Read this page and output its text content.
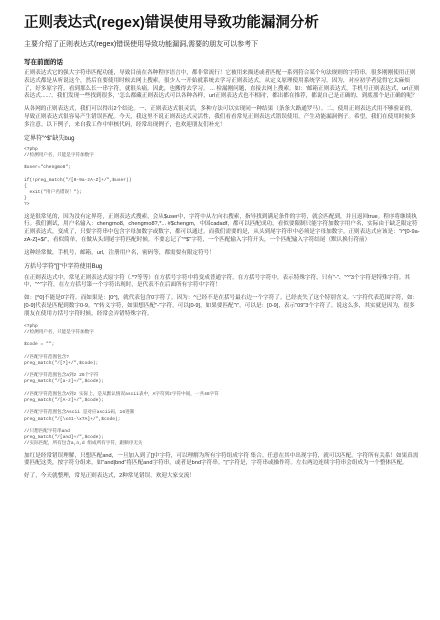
正则表达式(regex)错误使用导致功能漏洞分析
主要介绍了正则表达式(regex)错误使用导致功能漏洞,需要的朋友可以参考下
写在前面的话

正则表达式它的强大字符串匹配功能，导致目前在各种程序语言中，都非常流行！它被用来描述或者匹配一系列符合某个句法规则的字符串。很多刚刚使用正则表达式都是从听说这个，然后在要使用时候去网上搜索。很少人一开始就系统去学习正则表达式，从定义原理使用系统学习。因为，对应初学者觉得它太麻烦了，好多原字符。看到那么长一串字符，就很头痛。因此，也搬得去学习。 ... 检漏刚问题，直接去网上搜索。如：'邮箱正则表达式，手机号正则表达式，url正则表达式......'，我们发现一些找到很多，'怎么都藏正则表达式可以各种各样，url正则表达式也不相同'，都出都在推荐，都说自己是正确的，到底那个是正确的呢？

从各网的正则表达式，我们可以得出2个结论。一、正则表达式很灵活，多种方法可以实现同一种结果（条条大路通罗马）。二、使用正则表达式用不够验证的，导致正则表达式很容易产生错误匹配。今天，我这里不说正则表达式灵活性，我们看看常见正则表达式错误使用，产生功能漏洞例子。希望，我们在使用时候多多注意。以下例子，来自我工作中审核代码，经常出现例子，也欢迎朋友们补充！

定界符"^$"缺失bug
<?php
//检测用户名，只能是字符加数字

$user="chengmo8";

if(!preg_match("/[0-9a-zA-Z]+/",$user))
{
exit("用户名错误！");
}
?>

这是很常见的，因为没有定界符，正则表达式搜索，会从$user中，字符中从左向右搜索，指导找到满足条件的字符，就会匹配到，并且返回true。程序将继续执行。我们测试，用户名输入：chengmo8，chengmo8?,*... #$chengm，中国cadadf，都可以匹配成功，看似要限制只能字符加数字用户名，实际由于缺乏限定符正则表达式，变成了，只要字符串中包含字母加数字或数字，都可以通过。而我们需要的是，从头到尾字符串中必须是字母加数字。正则表达式应该是："/^[0-9a-zA-Z]+$/"，看似简单，在做从头到尾字符匹配时候，不要忘记了"^$"字符，一个匹配输入字符开头，一个匹配输入字符结尾（默认换行符前）

这种经常做，手机号，邮箱，url，注册用户名，密码等，都需要有限定符号！

方括号字符"[]"中字符使用Bug

在正则表达式中，常见正则表达式原字符（.*?等等）在方括号字符中将变成普通字符。在方括号字符中，表示特殊字符，只有"-"、"^"3个字符是特殊字符。其中，"^"字符，在左方括号第一个字符出现时，是代表不在后面所有字符中字符！

如：[^0]不能是0字符。而如果是：[0^]，就代表包含0字符了。因为：^已经不是在括号最右边一个字符了。已经丧失了这个特别含义。'-'字符代表范围字符，如：[0-9]代表是匹配到数字0-9。"\"转义字符，如果想匹配"-"字符，可以[0-9]，如果要匹配"\"，可以是：[0-9]，表示"09"3个字符了。说这么多，其实就是因为，很多朋友在使用方括号字符时候，经常会弄错特殊字符。

<?php
//检测用户名，只能是字符加数字

$code = "";

//匹配字符范围包含?
preg_match("/[?]+/",$code);

//匹配字符范围包含a到z 26个字符
preg_match("/[a-z]+/",$code);

//匹配字符范围包含A到z 实际上，是从默认情况ascii表中，A字符到z字符中间，一共48字符
preg_match("/[A-z]+/",$code);

//匹配字符范围包含Ascii 是对应ascii码，16进制
preg_match("/[\x41-\x7A]+/",$code);

//只想匹配字符串and
preg_match("/[and]+/",$code);
//实际匹配，所有包含a,n,d 组成所有字符，跟顺序无关

加红是经常错误理解，只想匹配and，一旦加入到了[]中字符，可以理解为所有字符组成字符 集合。任意在其中出现字符，就可以匹配。字符所有关系！如果真需要匹配这类，按字符分组来，如"and|bnd"将匹配and字符串，或者是bnd字符串。"|"字符是，字符串或操作符。左右两边连续字符串会组成为一个整体匹配。

好了，今天就整理，常见正则表达式，2种常见错误。欢迎大家交流！
